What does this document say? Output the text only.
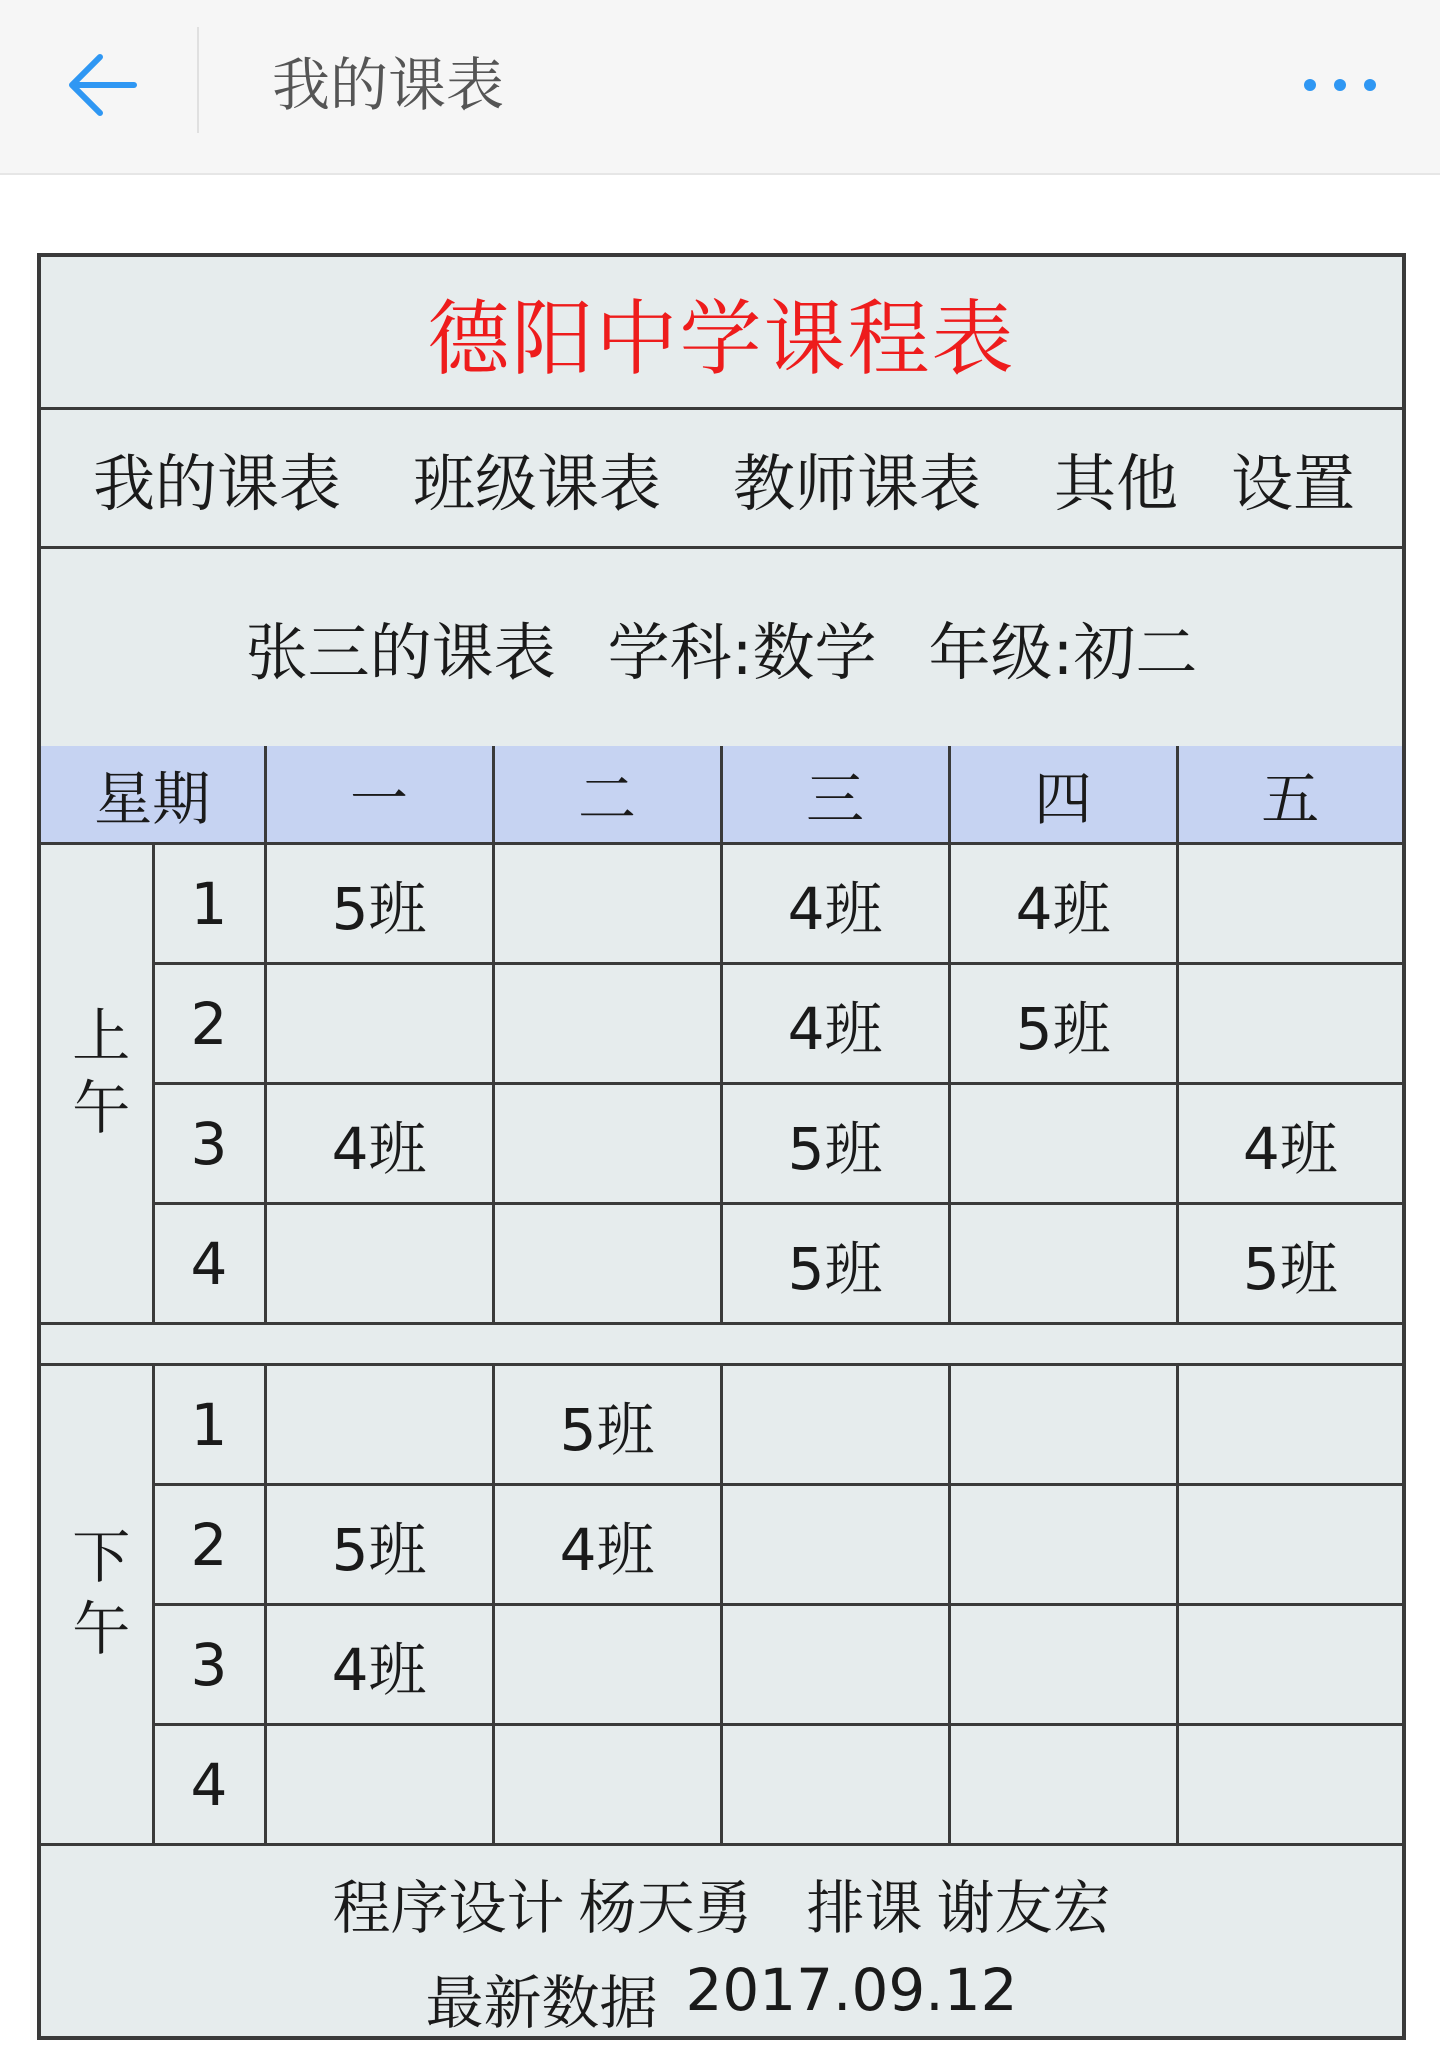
我的课表
德阳中学课程表
我的课表 班级课表 教师课表 其他 设置
张三的课表 学科:数学 年级:初二
星期		一	二	三	四	五
上午	1	5班		4班	4班	
	2			4班	5班	
	3	4班		5班		4班
	4			5班		5班

下午	1		5班			
	2	5班	4班			
	3	4班				
	4					
程序设计 杨天勇 排课 谢友宏
最新数据 2017.09.12
